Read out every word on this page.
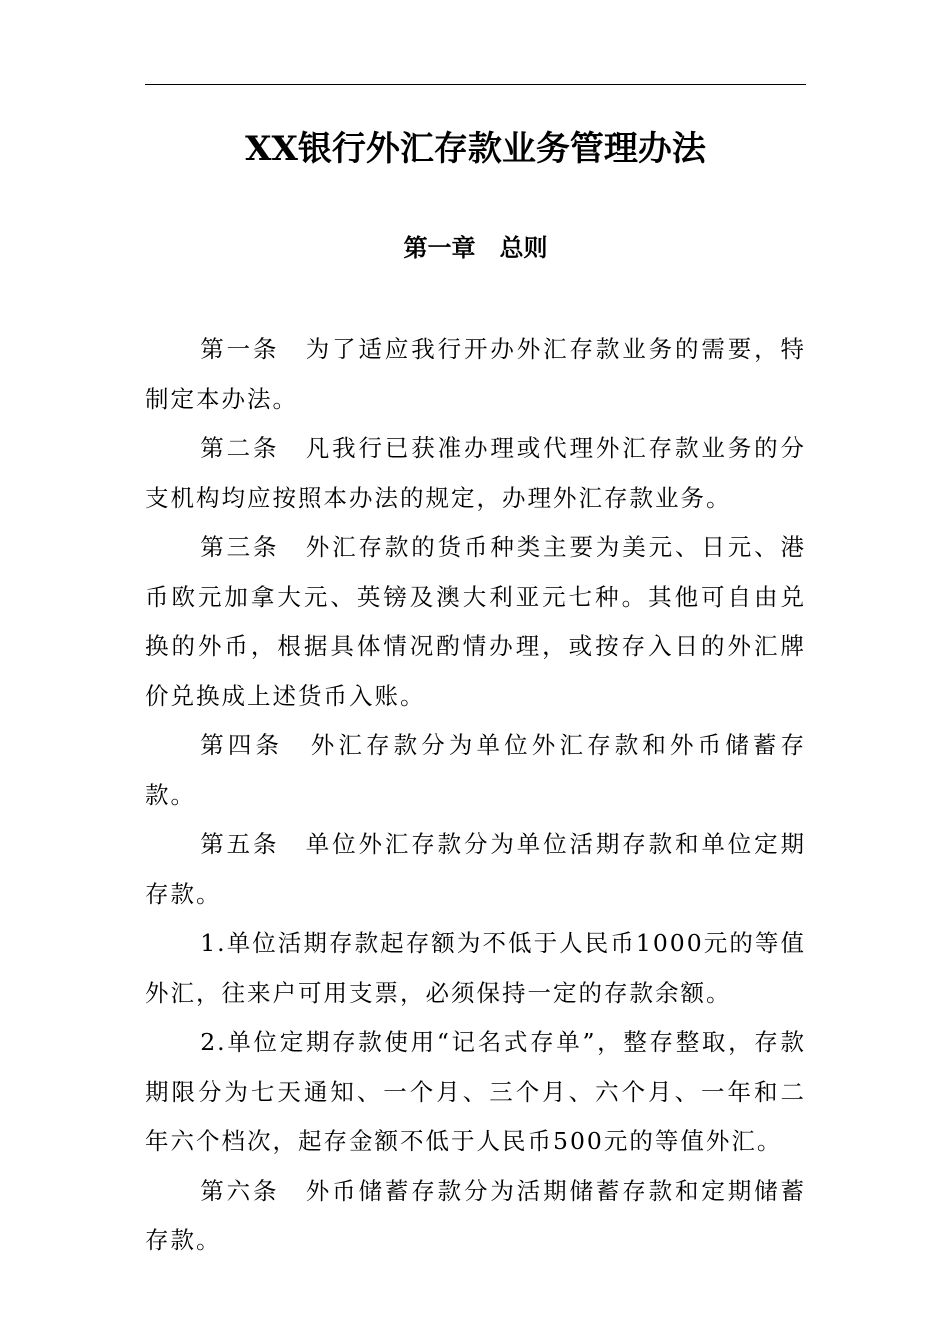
XX银行外汇存款业务管理办法
第一章　总则

第一条　为了适应我行开办外汇存款业务的需要，特制定本办法。

第二条　凡我行已获准办理或代理外汇存款业务的分支机构均应按照本办法的规定，办理外汇存款业务。

第三条　外汇存款的货币种类主要为美元、日元、港币欧元加拿大元、英镑及澳大利亚元七种。其他可自由兑换的外币，根据具体情况酌情办理，或按存入日的外汇牌价兑换成上述货币入账。

第四条　外汇存款分为单位外汇存款和外币储蓄存款。

第五条　单位外汇存款分为单位活期存款和单位定期存款。

1.单位活期存款起存额为不低于人民币1000元的等值外汇，往来户可用支票，必须保持一定的存款余额。

2.单位定期存款使用“记名式存单”，整存整取，存款期限分为七天通知、一个月、三个月、六个月、一年和二年六个档次，起存金额不低于人民币500元的等值外汇。

第六条　外币储蓄存款分为活期储蓄存款和定期储蓄存款。
